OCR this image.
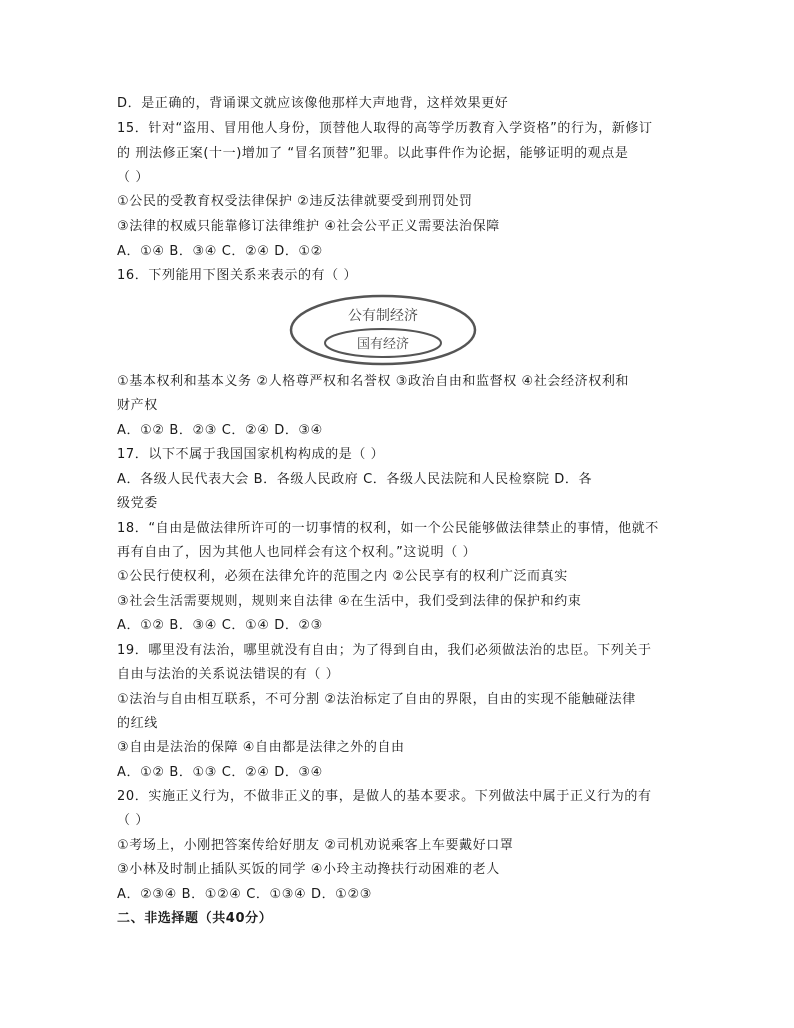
D．是正确的，背诵课文就应该像他那样大声地背，这样效果更好
15．针对“盗用、冒用他人身份，顶替他人取得的高等学历教育入学资格”的行为，新修订
的 刑法修正案(十一)增加了 “冒名顶替”犯罪。以此事件作为论据，能够证明的观点是
（ ）
①公民的受教育权受法律保护 ②违反法律就要受到刑罚处罚
③法律的权威只能靠修订法律维护 ④社会公平正义需要法治保障
A．①④ B．③④ C．②④ D．①②
16．下列能用下图关系来表示的有（ ）
公有制经济
国有经济
①基本权利和基本义务 ②人格尊严权和名誉权 ③政治自由和监督权 ④社会经济权利和
财产权
A．①② B．②③ C．②④ D．③④
17．以下不属于我国国家机构构成的是（ ）
A．各级人民代表大会 B．各级人民政府 C．各级人民法院和人民检察院 D．各
级党委
18．“自由是做法律所许可的一切事情的权利，如一个公民能够做法律禁止的事情，他就不
再有自由了，因为其他人也同样会有这个权利。”这说明（ ）
①公民行使权利，必须在法律允许的范围之内 ②公民享有的权利广泛而真实
③社会生活需要规则，规则来自法律 ④在生活中，我们受到法律的保护和约束
A．①② B．③④ C．①④ D．②③
19．哪里没有法治，哪里就没有自由；为了得到自由，我们必须做法治的忠臣。下列关于
自由与法治的关系说法错误的有（ ）
①法治与自由相互联系，不可分割 ②法治标定了自由的界限，自由的实现不能触碰法律
的红线
③自由是法治的保障 ④自由都是法律之外的自由
A．①② B．①③ C．②④ D．③④
20．实施正义行为，不做非正义的事，是做人的基本要求。下列做法中属于正义行为的有
（ ）
①考场上，小刚把答案传给好朋友 ②司机劝说乘客上车要戴好口罩
③小林及时制止插队买饭的同学 ④小玲主动搀扶行动困难的老人
A．②③④ B．①②④ C．①③④ D．①②③
二、非选择题（共40分）
